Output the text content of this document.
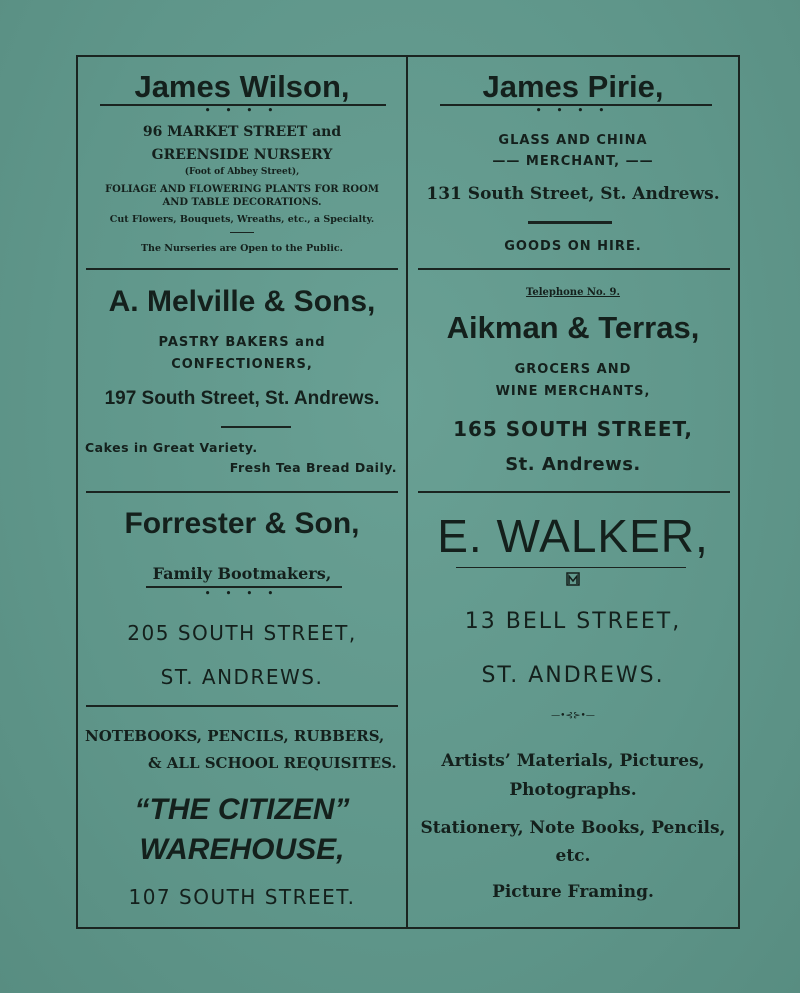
James Wilson,
• • • •
96 MARKET STREET and
GREENSIDE NURSERY
(Foot of Abbey Street),
FOLIAGE AND FLOWERING PLANTS FOR ROOM
AND TABLE DECORATIONS.
Cut Flowers, Bouquets, Wreaths, etc., a Specialty.
The Nurseries are Open to the Public.
James Pirie,
• • • •
GLASS AND CHINA
—— MERCHANT, ——
131 South Street, St. Andrews.
GOODS ON HIRE.
A. Melville & Sons,
PASTRY BAKERS and
CONFECTIONERS,
197 South Street, St. Andrews.
Cakes in Great Variety.
Fresh Tea Bread Daily.
Telephone No. 9.
Aikman & Terras,
GROCERS AND
WINE MERCHANTS,
165 SOUTH STREET,
St. Andrews.
Forrester & Son,
Family Bootmakers,
• • • •
205 SOUTH STREET,
ST. ANDREWS.
E. WALKER,
13 BELL STREET,
ST. ANDREWS.
—•⊰⊱•—
Artists’ Materials, Pictures,
Photographs.
Stationery, Note Books, Pencils,
etc.
Picture Framing.
NOTEBOOKS, PENCILS, RUBBERS,
& ALL SCHOOL REQUISITES.
“THE CITIZEN”
WAREHOUSE,
107 SOUTH STREET.
